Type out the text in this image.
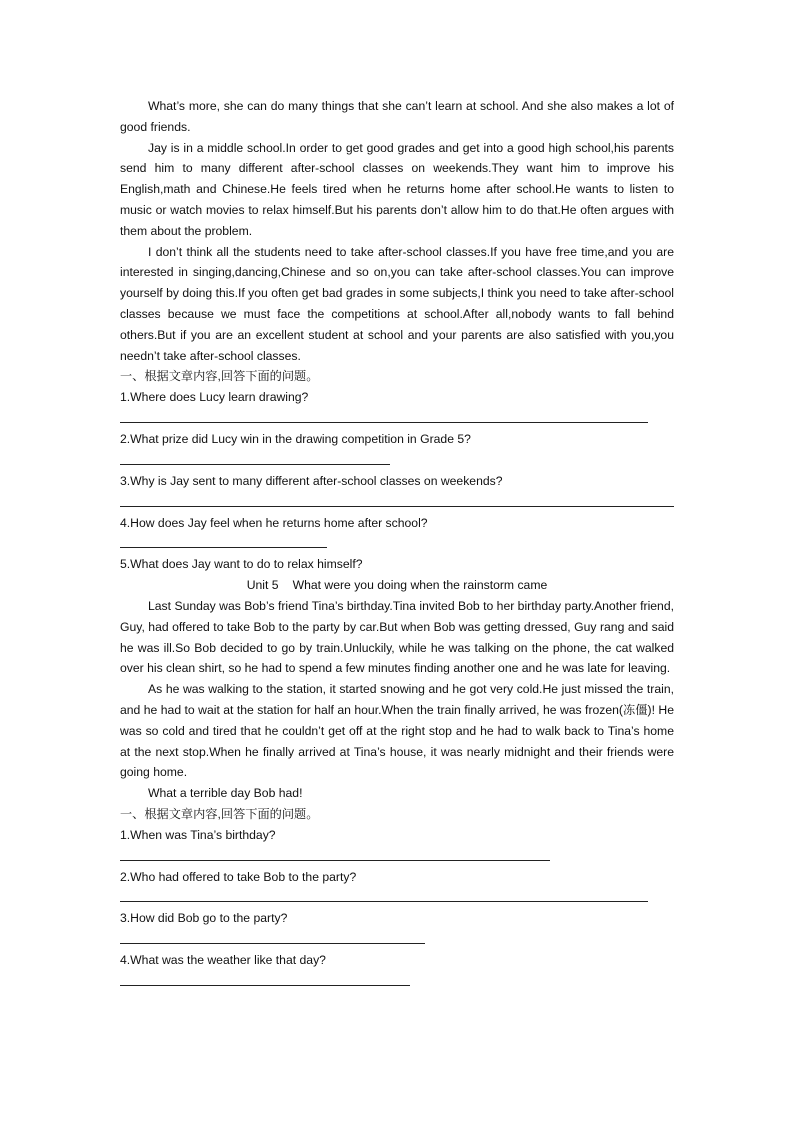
What’s more, she can do many things that she can’t learn at school. And she also makes a lot of good friends.

Jay is in a middle school.In order to get good grades and get into a good high school,his parents send him to many different after-school classes on weekends.They want him to improve his English,math and Chinese.He feels tired when he returns home after school.He wants to listen to music or watch movies to relax himself.But his parents don’t allow him to do that.He often argues with them about the problem.

I don’t think all the students need to take after-school classes.If you have free time,and you are interested in singing,dancing,Chinese and so on,you can take after-school classes.You can improve yourself by doing this.If you often get bad grades in some subjects,I think you need to take after-school classes because we must face the competitions at school.After all,nobody wants to fall behind others.But if you are an excellent student at school and your parents are also satisfied with you,you needn’t take after-school classes.

一、根据文章内容,回答下面的问题。

1.Where does Lucy learn drawing?

2.What prize did Lucy win in the drawing competition in Grade 5?

3.Why is Jay sent to many different after-school classes on weekends?

4.How does Jay feel when he returns home after school?

5.What does Jay want to do to relax himself?

Unit 5 What were you doing when the rainstorm came

Last Sunday was Bob’s friend Tina’s birthday.Tina invited Bob to her birthday party.Another friend, Guy, had offered to take Bob to the party by car.But when Bob was getting dressed, Guy rang and said he was ill.So Bob decided to go by train.Unluckily, while he was talking on the phone, the cat walked over his clean shirt, so he had to spend a few minutes finding another one and he was late for leaving.

As he was walking to the station, it started snowing and he got very cold.He just missed the train, and he had to wait at the station for half an hour.When the train finally arrived, he was frozen(冻僵)! He was so cold and tired that he couldn’t get off at the right stop and he had to walk back to Tina’s home at the next stop.When he finally arrived at Tina’s house, it was nearly midnight and their friends were going home.

What a terrible day Bob had!

一、根据文章内容,回答下面的问题。

1.When was Tina’s birthday?

2.Who had offered to take Bob to the party?

3.How did Bob go to the party?

4.What was the weather like that day?
